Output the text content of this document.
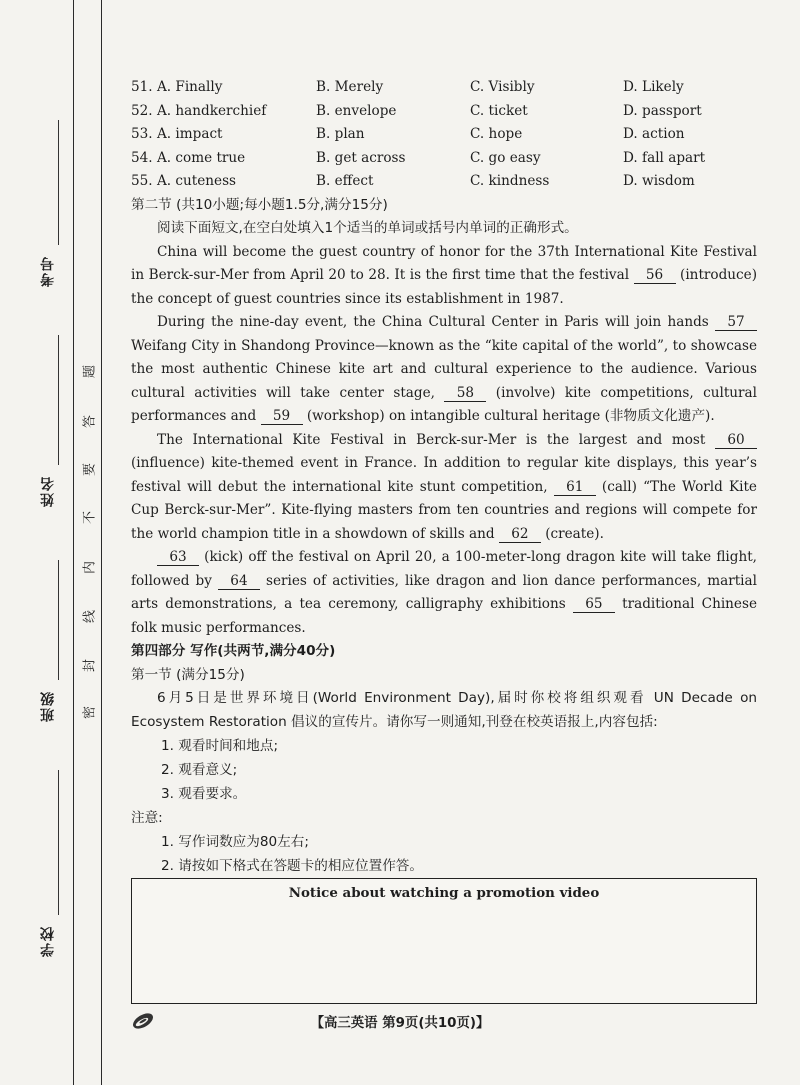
考号
姓名
班级
学校
题
答
要
不
内
线
封
密
51. A. Finally	B. Merely	C. Visibly	D. Likely
52. A. handkerchief	B. envelope	C. ticket	D. passport
53. A. impact	B. plan	C. hope	D. action
54. A. come true	B. get across	C. go easy	D. fall apart
55. A. cuteness	B. effect	C. kindness	D. wisdom
第二节 (共10小题;每小题1.5分,满分15分)
阅读下面短文,在空白处填入1个适当的单词或括号内单词的正确形式。
China will become the guest country of honor for the 37th International Kite Festival in Berck-sur-Mer from April 20 to 28. It is the first time that the festival 56 (introduce) the concept of guest countries since its establishment in 1987.
During the nine-day event, the China Cultural Center in Paris will join hands 57 Weifang City in Shandong Province—known as the “kite capital of the world”, to showcase the most authentic Chinese kite art and cultural experience to the audience. Various cultural activities will take center stage, 58 (involve) kite competitions, cultural performances and 59 (workshop) on intangible cultural heritage (非物质文化遗产).
The International Kite Festival in Berck-sur-Mer is the largest and most 60 (influence) kite-themed event in France. In addition to regular kite displays, this year’s festival will debut the international kite stunt competition, 61 (call) “The World Kite Cup Berck-sur-Mer”. Kite-flying masters from ten countries and regions will compete for the world champion title in a showdown of skills and 62 (create).
63 (kick) off the festival on April 20, a 100-meter-long dragon kite will take flight, followed by 64 series of activities, like dragon and lion dance performances, martial arts demonstrations, a tea ceremony, calligraphy exhibitions 65 traditional Chinese folk music performances.
第四部分 写作(共两节,满分40分)
第一节 (满分15分)
6月5日是世界环境日(World Environment Day),届时你校将组织观看 UN Decade on Ecosystem Restoration 倡议的宣传片。请你写一则通知,刊登在校英语报上,内容包括:
1. 观看时间和地点;
2. 观看意义;
3. 观看要求。
注意:
1. 写作词数应为80左右;
2. 请按如下格式在答题卡的相应位置作答。
Notice about watching a promotion video
【高三英语 第9页(共10页)】
